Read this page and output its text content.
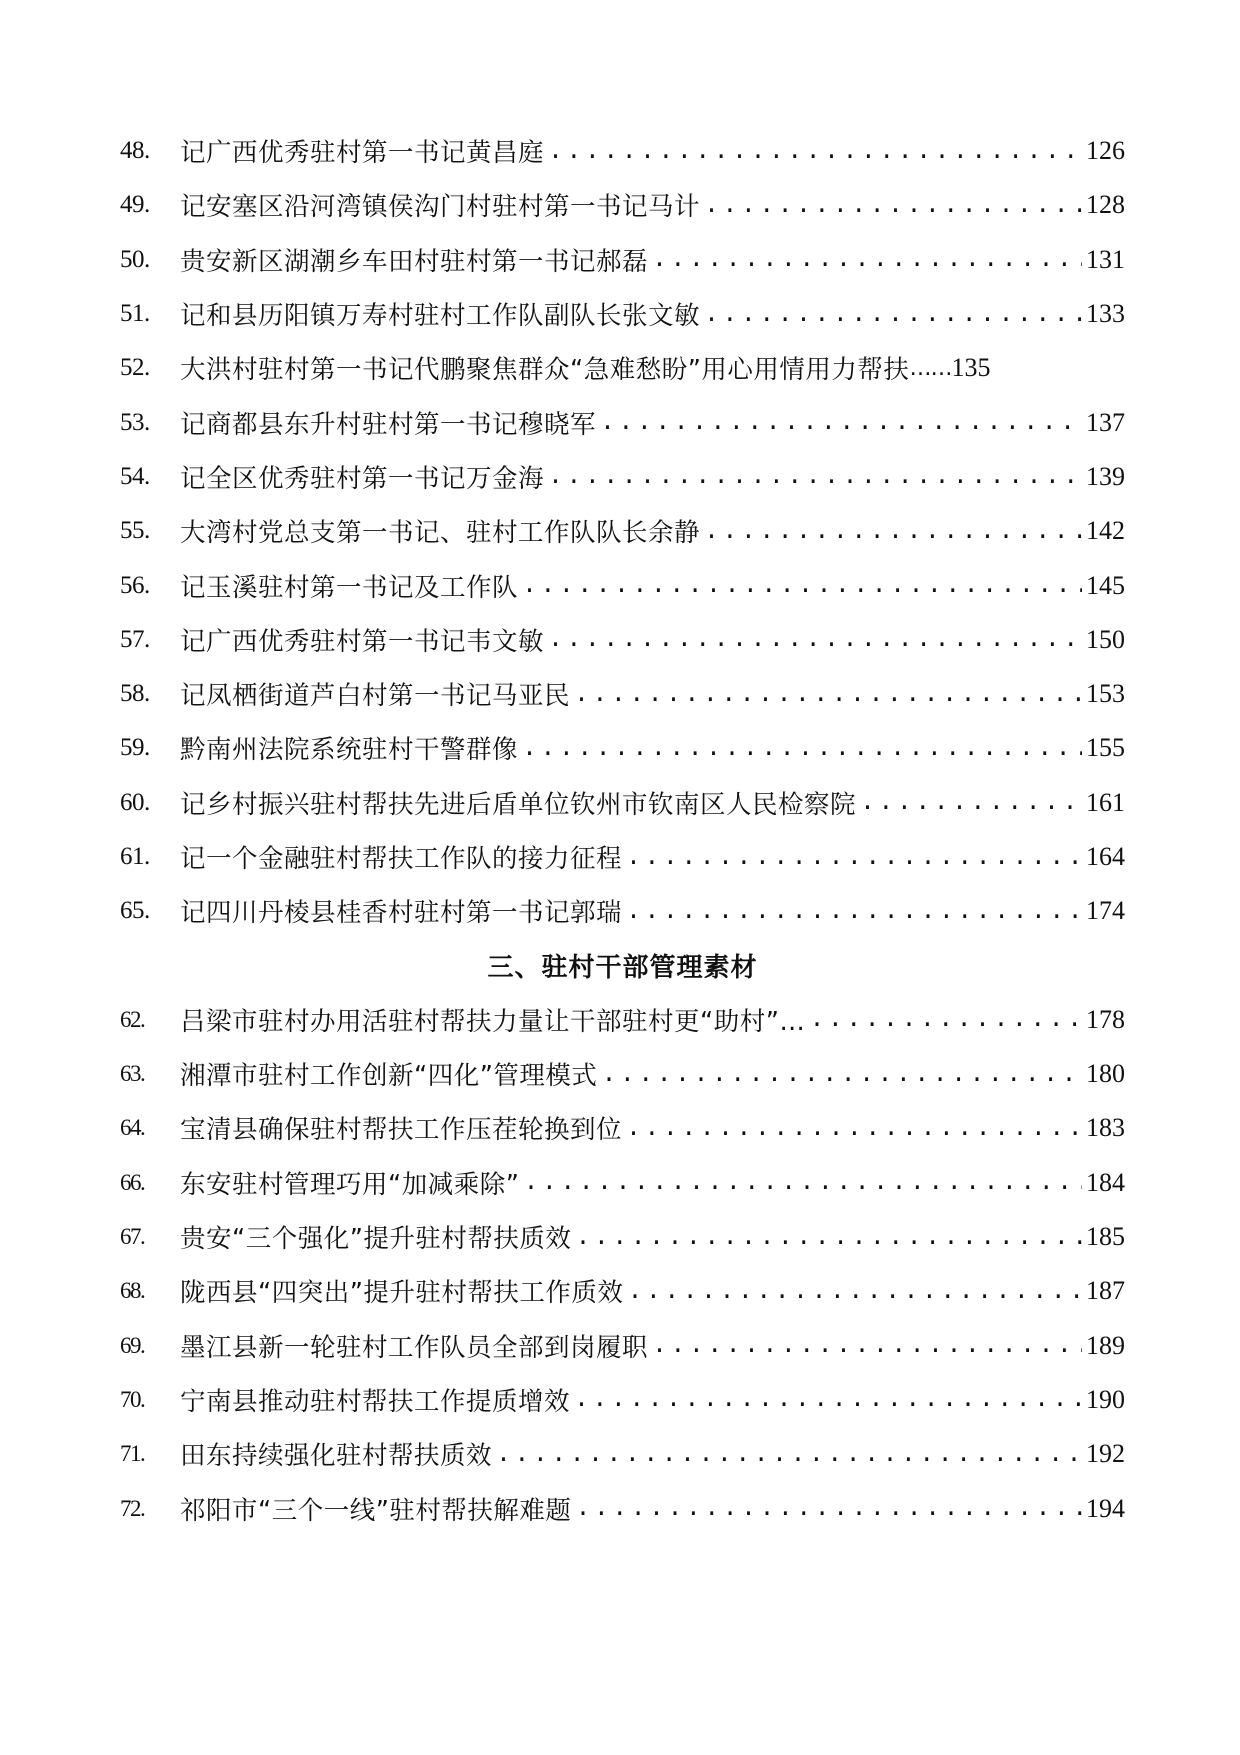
48.	记广西优秀驻村第一书记黄昌庭 .....	126
49.	记安塞区沿河湾镇侯沟门村驻村第一书记马计 .....	128
50.	贵安新区湖潮乡车田村驻村第一书记郝磊 .....	131
51.	记和县历阳镇万寿村驻村工作队副队长张文敏 .....	133
52.	大洪村驻村第一书记代鹏聚焦群众“急难愁盼”用心用情用力帮扶 …… 135
53.	记商都县东升村驻村第一书记穆晓军 .....	137
54.	记全区优秀驻村第一书记万金海 .....	139
55.	大湾村党总支第一书记、驻村工作队队长余静 .....	142
56.	记玉溪驻村第一书记及工作队 .....	145
57.	记广西优秀驻村第一书记韦文敏 .....	150
58.	记凤栖街道芦白村第一书记马亚民 .....	153
59.	黔南州法院系统驻村干警群像 .....	155
60.	记乡村振兴驻村帮扶先进后盾单位钦州市钦南区人民检察院 .....	161
61.	记一个金融驻村帮扶工作队的接力征程 .....	164
65.	记四川丹棱县桂香村驻村第一书记郭瑞 .....	174
三、驻村干部管理素材
62.	吕梁市驻村办用活驻村帮扶力量让干部驻村更“助村”… .....	178
63.	湘潭市驻村工作创新“四化”管理模式 .....	180
64.	宝清县确保驻村帮扶工作压茬轮换到位 .....	183
66.	东安驻村管理巧用“加减乘除” .....	184
67.	贵安“三个强化”提升驻村帮扶质效 .....	185
68.	陇西县“四突出”提升驻村帮扶工作质效 .....	187
69.	墨江县新一轮驻村工作队员全部到岗履职 .....	189
70.	宁南县推动驻村帮扶工作提质增效 .....	190
71.	田东持续强化驻村帮扶质效 .....	192
72.	祁阳市“三个一线”驻村帮扶解难题 .....	194
